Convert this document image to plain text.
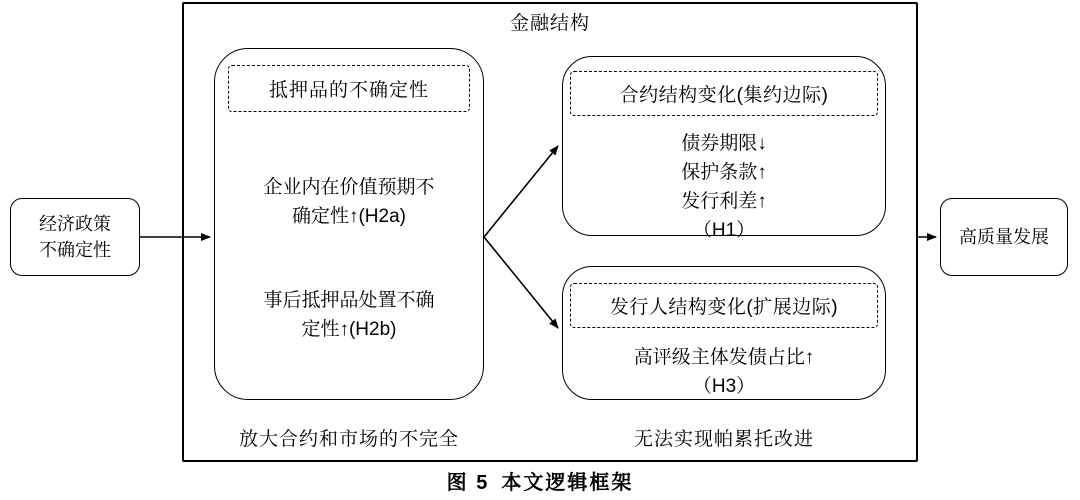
金融结构
经济政策
不确定性
抵押品的不确定性
企业内在价值预期不
确定性↑(H2a)
事后抵押品处置不确
定性↑(H2b)
合约结构变化(集约边际)
债券期限↓
保护条款↑
发行利差↑
（H1）
发行人结构变化(扩展边际)
高评级主体发债占比↑
（H3）
高质量发展
放大合约和市场的不完全	无法实现帕累托改进
图 5 本文逻辑框架
